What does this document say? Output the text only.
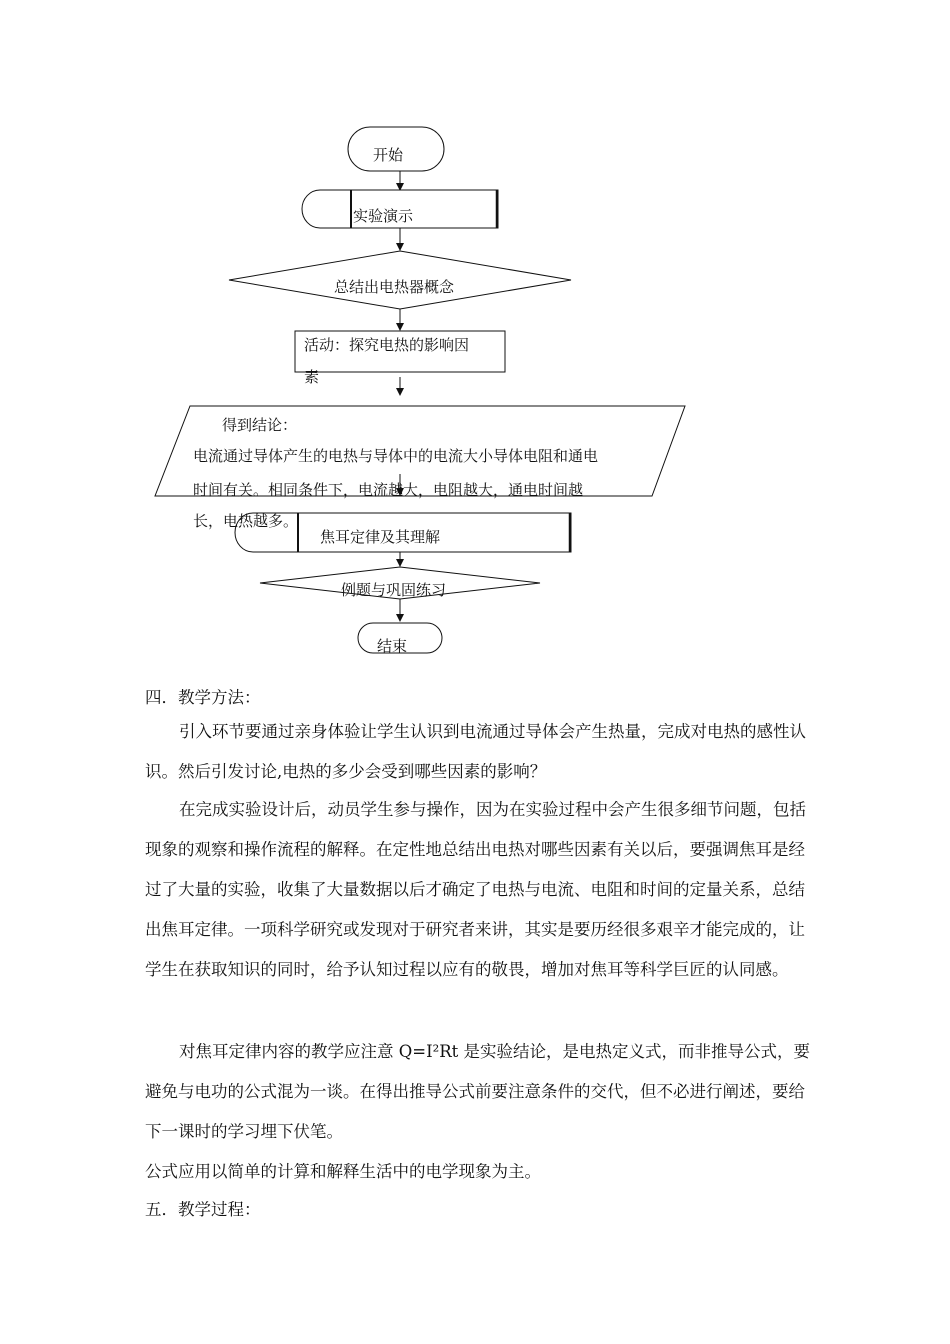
开始
实验演示
总结出电热器概念
活动：探究电热的影响因
素
得到结论：
电流通过导体产生的电热与导体中的电流大小导体电阻和通电
时间有关。相同条件下，电流越大，电阻越大，通电时间越
长，电热越多。
焦耳定律及其理解
例题与巩固练习
结束
四．教学方法：

引入环节要通过亲身体验让学生认识到电流通过导体会产生热量，完成对电热的感性认识。然后引发讨论,电热的多少会受到哪些因素的影响？

在完成实验设计后，动员学生参与操作，因为在实验过程中会产生很多细节问题，包括现象的观察和操作流程的解释。在定性地总结出电热对哪些因素有关以后，要强调焦耳是经过了大量的实验，收集了大量数据以后才确定了电热与电流、电阻和时间的定量关系，总结出焦耳定律。一项科学研究或发现对于研究者来讲，其实是要历经很多艰辛才能完成的，让学生在获取知识的同时，给予认知过程以应有的敬畏，增加对焦耳等科学巨匠的认同感。

对焦耳定律内容的教学应注意 Q=I²Rt 是实验结论，是电热定义式，而非推导公式，要避免与电功的公式混为一谈。在得出推导公式前要注意条件的交代，但不必进行阐述，要给下一课时的学习埋下伏笔。

公式应用以简单的计算和解释生活中的电学现象为主。
五．教学过程：
